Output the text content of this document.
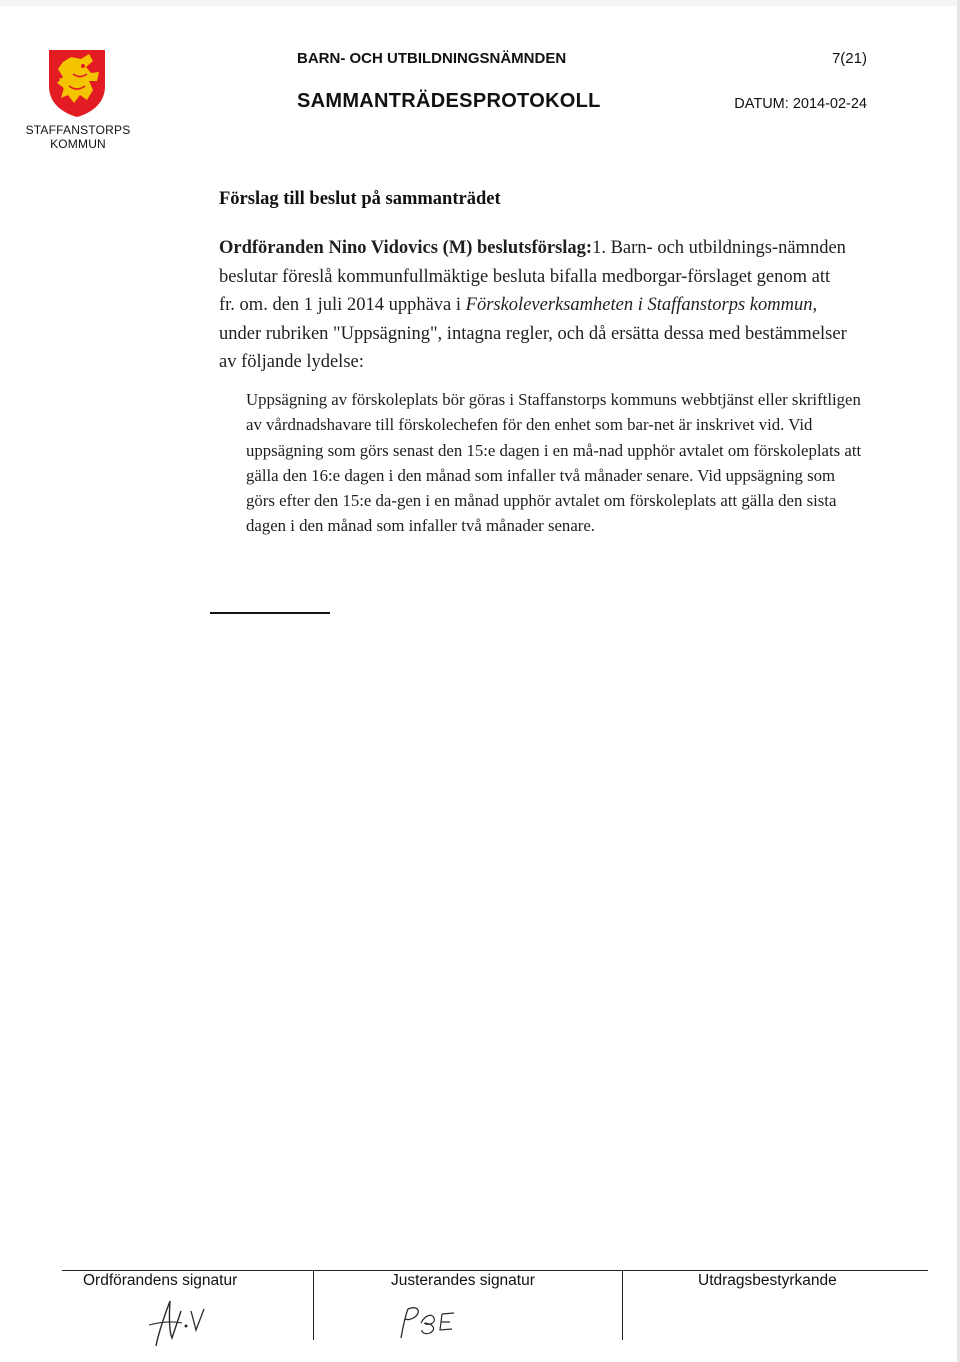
STAFFANSTORPS
KOMMUN
BARN- OCH UTBILDNINGSNÄMNDEN	7(21)
SAMMANTRÄDESPROTOKOLL	DATUM: 2014-02-24
Förslag till beslut på sammanträdet
Ordföranden Nino Vidovics (M) beslutsförslag:1. Barn- och utbildnings-nämnden beslutar föreslå kommunfullmäktige besluta bifalla medborgar-förslaget genom att fr. om. den 1 juli 2014 upphäva i Förskoleverksamheten i Staffanstorps kommun, under rubriken "Uppsägning", intagna regler, och då ersätta dessa med bestämmelser av följande lydelse:
Uppsägning av förskoleplats bör göras i Staffanstorps kommuns webbtjänst eller skriftligen av vårdnadshavare till förskolechefen för den enhet som bar-net är inskrivet vid. Vid uppsägning som görs senast den 15:e dagen i en må-nad upphör avtalet om förskoleplats att gälla den 16:e dagen i den månad som infaller två månader senare. Vid uppsägning som görs efter den 15:e da-gen i en månad upphör avtalet om förskoleplats att gälla den sista dagen i den månad som infaller två månader senare.
Ordförandens signatur	Justerandes signatur	Utdragsbestyrkande
